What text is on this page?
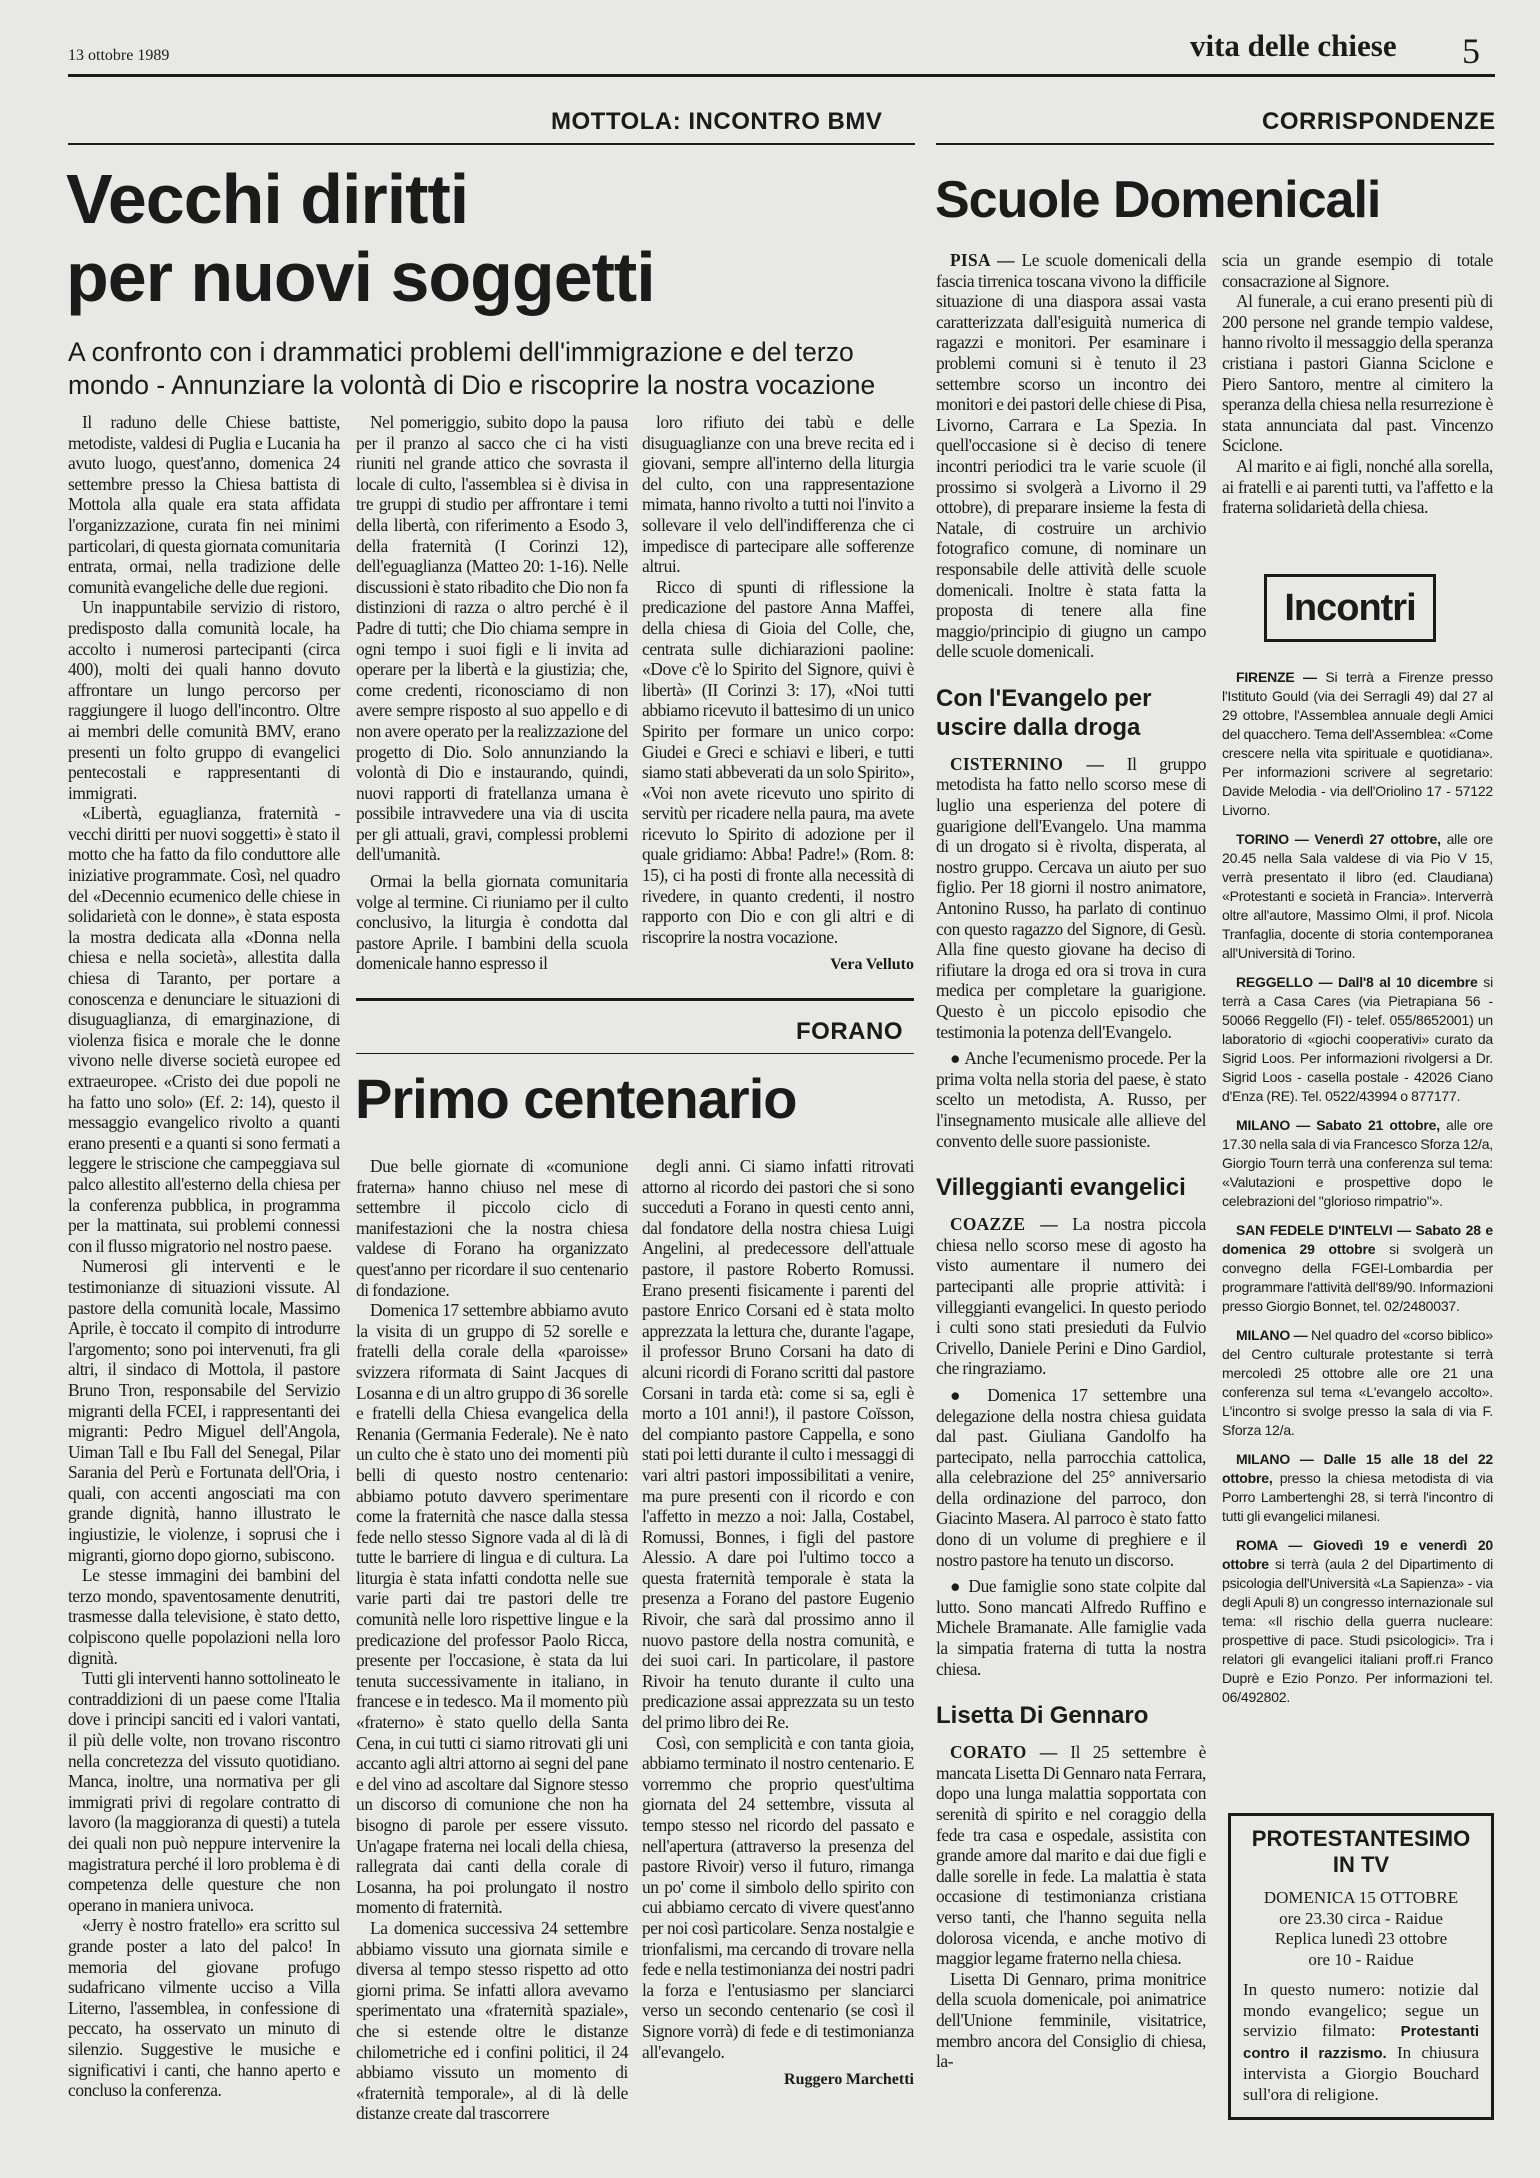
13 ottobre 1989	vita delle chiese 5
MOTTOLA: INCONTRO BMV	CORRISPONDENZE
Vecchi diritti
per nuovi soggetti
A confronto con i drammatici problemi dell'immigrazione e del terzo mondo - Annunziare la volontà di Dio e riscoprire la nostra vocazione

Il raduno delle Chiese battiste, metodiste, valdesi di Puglia e Lucania ha avuto luogo, quest'anno, domenica 24 settembre presso la Chiesa battista di Mottola alla quale era stata affidata l'organizzazione, curata fin nei minimi particolari, di questa giornata comunitaria entrata, ormai, nella tradizione delle comunità evangeliche delle due regioni.

Un inappuntabile servizio di ristoro, predisposto dalla comunità locale, ha accolto i numerosi partecipanti (circa 400), molti dei quali hanno dovuto affrontare un lungo percorso per raggiungere il luogo dell'incontro. Oltre ai membri delle comunità BMV, erano presenti un folto gruppo di evangelici pentecostali e rappresentanti di immigrati.

«Libertà, eguaglianza, fraternità - vecchi diritti per nuovi soggetti» è stato il motto che ha fatto da filo conduttore alle iniziative programmate. Così, nel quadro del «Decennio ecumenico delle chiese in solidarietà con le donne», è stata esposta la mostra dedicata alla «Donna nella chiesa e nella società», allestita dalla chiesa di Taranto, per portare a conoscenza e denunciare le situazioni di disuguaglianza, di emarginazione, di violenza fisica e morale che le donne vivono nelle diverse società europee ed extraeuropee. «Cristo dei due popoli ne ha fatto uno solo» (Ef. 2: 14), questo il messaggio evangelico rivolto a quanti erano presenti e a quanti si sono fermati a leggere le striscione che campeggiava sul palco allestito all'esterno della chiesa per la conferenza pubblica, in programma per la mattinata, sui problemi connessi con il flusso migratorio nel nostro paese.

Numerosi gli interventi e le testimonianze di situazioni vissute. Al pastore della comunità locale, Massimo Aprile, è toccato il compito di introdurre l'argomento; sono poi intervenuti, fra gli altri, il sindaco di Mottola, il pastore Bruno Tron, responsabile del Servizio migranti della FCEI, i rappresentanti dei migranti: Pedro Miguel dell'Angola, Uiman Tall e Ibu Fall del Senegal, Pilar Sarania del Perù e Fortunata dell'Oria, i quali, con accenti angosciati ma con grande dignità, hanno illustrato le ingiustizie, le violenze, i soprusi che i migranti, giorno dopo giorno, subiscono.

Le stesse immagini dei bambini del terzo mondo, spaventosamente denutriti, trasmesse dalla televisione, è stato detto, colpiscono quelle popolazioni nella loro dignità.

Tutti gli interventi hanno sottolineato le contraddizioni di un paese come l'Italia dove i principi sanciti ed i valori vantati, il più delle volte, non trovano riscontro nella concretezza del vissuto quotidiano. Manca, inoltre, una normativa per gli immigrati privi di regolare contratto di lavoro (la maggioranza di questi) a tutela dei quali non può neppure intervenire la magistratura perché il loro problema è di competenza delle questure che non operano in maniera univoca.

«Jerry è nostro fratello» era scritto sul grande poster a lato del palco! In memoria del giovane profugo sudafricano vilmente ucciso a Villa Literno, l'assemblea, in confessione di peccato, ha osservato un minuto di silenzio. Suggestive le musiche e significativi i canti, che hanno aperto e concluso la conferenza.

Nel pomeriggio, subito dopo la pausa per il pranzo al sacco che ci ha visti riuniti nel grande attico che sovrasta il locale di culto, l'assemblea si è divisa in tre gruppi di studio per affrontare i temi della libertà, con riferimento a Esodo 3, della fraternità (I Corinzi 12), dell'eguaglianza (Matteo 20: 1-16). Nelle discussioni è stato ribadito che Dio non fa distinzioni di razza o altro perché è il Padre di tutti; che Dio chiama sempre in ogni tempo i suoi figli e li invita ad operare per la libertà e la giustizia; che, come credenti, riconosciamo di non avere sempre risposto al suo appello e di non avere operato per la realizzazione del progetto di Dio. Solo annunziando la volontà di Dio e instaurando, quindi, nuovi rapporti di fratellanza umana è possibile intravvedere una via di uscita per gli attuali, gravi, complessi problemi dell'umanità.

Ormai la bella giornata comunitaria volge al termine. Ci riuniamo per il culto conclusivo, la liturgia è condotta dal pastore Aprile. I bambini della scuola domenicale hanno espresso il

loro rifiuto dei tabù e delle disuguaglianze con una breve recita ed i giovani, sempre all'interno della liturgia del culto, con una rappresentazione mimata, hanno rivolto a tutti noi l'invito a sollevare il velo dell'indifferenza che ci impedisce di partecipare alle sofferenze altrui.

Ricco di spunti di riflessione la predicazione del pastore Anna Maffei, della chiesa di Gioia del Colle, che, centrata sulle dichiarazioni paoline: «Dove c'è lo Spirito del Signore, quivi è libertà» (II Corinzi 3: 17), «Noi tutti abbiamo ricevuto il battesimo di un unico Spirito per formare un unico corpo: Giudei e Greci e schiavi e liberi, e tutti siamo stati abbeverati da un solo Spirito», «Voi non avete ricevuto uno spirito di servitù per ricadere nella paura, ma avete ricevuto lo Spirito di adozione per il quale gridiamo: Abba! Padre!» (Rom. 8: 15), ci ha posti di fronte alla necessità di rivedere, in quanto credenti, il nostro rapporto con Dio e con gli altri e di riscoprire la nostra vocazione.

Vera Velluto
FORANO
Primo centenario

Due belle giornate di «comunione fraterna» hanno chiuso nel mese di settembre il piccolo ciclo di manifestazioni che la nostra chiesa valdese di Forano ha organizzato quest'anno per ricordare il suo centenario di fondazione.

Domenica 17 settembre abbiamo avuto la visita di un gruppo di 52 sorelle e fratelli della corale della «paroisse» svizzera riformata di Saint Jacques di Losanna e di un altro gruppo di 36 sorelle e fratelli della Chiesa evangelica della Renania (Germania Federale). Ne è nato un culto che è stato uno dei momenti più belli di questo nostro centenario: abbiamo potuto davvero sperimentare come la fraternità che nasce dalla stessa fede nello stesso Signore vada al di là di tutte le barriere di lingua e di cultura. La liturgia è stata infatti condotta nelle sue varie parti dai tre pastori delle tre comunità nelle loro rispettive lingue e la predicazione del professor Paolo Ricca, presente per l'occasione, è stata da lui tenuta successivamente in italiano, in francese e in tedesco. Ma il momento più «fraterno» è stato quello della Santa Cena, in cui tutti ci siamo ritrovati gli uni accanto agli altri attorno ai segni del pane e del vino ad ascoltare dal Signore stesso un discorso di comunione che non ha bisogno di parole per essere vissuto. Un'agape fraterna nei locali della chiesa, rallegrata dai canti della corale di Losanna, ha poi prolungato il nostro momento di fraternità.

La domenica successiva 24 settembre abbiamo vissuto una giornata simile e diversa al tempo stesso rispetto ad otto giorni prima. Se infatti allora avevamo sperimentato una «fraternità spaziale», che si estende oltre le distanze chilometriche ed i confini politici, il 24 abbiamo vissuto un momento di «fraternità temporale», al di là delle distanze create dal trascorrere

degli anni. Ci siamo infatti ritrovati attorno al ricordo dei pastori che si sono succeduti a Forano in questi cento anni, dal fondatore della nostra chiesa Luigi Angelini, al predecessore dell'attuale pastore, il pastore Roberto Romussi. Erano presenti fisicamente i parenti del pastore Enrico Corsani ed è stata molto apprezzata la lettura che, durante l'agape, il professor Bruno Corsani ha dato di alcuni ricordi di Forano scritti dal pastore Corsani in tarda età: come si sa, egli è morto a 101 anni!), il pastore Coïsson, del compianto pastore Cappella, e sono stati poi letti durante il culto i messaggi di vari altri pastori impossibilitati a venire, ma pure presenti con il ricordo e con l'affetto in mezzo a noi: Jalla, Costabel, Romussi, Bonnes, i figli del pastore Alessio. A dare poi l'ultimo tocco a questa fraternità temporale è stata la presenza a Forano del pastore Eugenio Rivoir, che sarà dal prossimo anno il nuovo pastore della nostra comunità, e dei suoi cari. In particolare, il pastore Rivoir ha tenuto durante il culto una predicazione assai apprezzata su un testo del primo libro dei Re.

Così, con semplicità e con tanta gioia, abbiamo terminato il nostro centenario. E vorremmo che proprio quest'ultima giornata del 24 settembre, vissuta al tempo stesso nel ricordo del passato e nell'apertura (attraverso la presenza del pastore Rivoir) verso il futuro, rimanga un po' come il simbolo dello spirito con cui abbiamo cercato di vivere quest'anno per noi così particolare. Senza nostalgie e trionfalismi, ma cercando di trovare nella fede e nella testimonianza dei nostri padri la forza e l'entusiasmo per slanciarci verso un secondo centenario (se così il Signore vorrà) di fede e di testimonianza all'evangelo.

Ruggero Marchetti
Scuole Domenicali

PISA — Le scuole domenicali della fascia tirrenica toscana vivono la difficile situazione di una diaspora assai vasta caratterizzata dall'esiguità numerica di ragazzi e monitori. Per esaminare i problemi comuni si è tenuto il 23 settembre scorso un incontro dei monitori e dei pastori delle chiese di Pisa, Livorno, Carrara e La Spezia. In quell'occasione si è deciso di tenere incontri periodici tra le varie scuole (il prossimo si svolgerà a Livorno il 29 ottobre), di preparare insieme la festa di Natale, di costruire un archivio fotografico comune, di nominare un responsabile delle attività delle scuole domenicali. Inoltre è stata fatta la proposta di tenere alla fine maggio/principio di giugno un campo delle scuole domenicali.

Con l'Evangelo per uscire dalla droga

CISTERNINO — Il gruppo metodista ha fatto nello scorso mese di luglio una esperienza del potere di guarigione dell'Evangelo. Una mamma di un drogato si è rivolta, disperata, al nostro gruppo. Cercava un aiuto per suo figlio. Per 18 giorni il nostro animatore, Antonino Russo, ha parlato di continuo con questo ragazzo del Signore, di Gesù. Alla fine questo giovane ha deciso di rifiutare la droga ed ora si trova in cura medica per completare la guarigione. Questo è un piccolo episodio che testimonia la potenza dell'Evangelo.

● Anche l'ecumenismo procede. Per la prima volta nella storia del paese, è stato scelto un metodista, A. Russo, per l'insegnamento musicale alle allieve del convento delle suore passioniste.

Villeggianti evangelici

COAZZE — La nostra piccola chiesa nello scorso mese di agosto ha visto aumentare il numero dei partecipanti alle proprie attività: i villeggianti evangelici. In questo periodo i culti sono stati presieduti da Fulvio Crivello, Daniele Perini e Dino Gardiol, che ringraziamo.

● Domenica 17 settembre una delegazione della nostra chiesa guidata dal past. Giuliana Gandolfo ha partecipato, nella parrocchia cattolica, alla celebrazione del 25° anniversario della ordinazione del parroco, don Giacinto Masera. Al parroco è stato fatto dono di un volume di preghiere e il nostro pastore ha tenuto un discorso.

● Due famiglie sono state colpite dal lutto. Sono mancati Alfredo Ruffino e Michele Bramanate. Alle famiglie vada la simpatia fraterna di tutta la nostra chiesa.

Lisetta Di Gennaro

CORATO — Il 25 settembre è mancata Lisetta Di Gennaro nata Ferrara, dopo una lunga malattia sopportata con serenità di spirito e nel coraggio della fede tra casa e ospedale, assistita con grande amore dal marito e dai due figli e dalle sorelle in fede. La malattia è stata occasione di testimonianza cristiana verso tanti, che l'hanno seguita nella dolorosa vicenda, e anche motivo di maggior legame fraterno nella chiesa.

Lisetta Di Gennaro, prima monitrice della scuola domenicale, poi animatrice dell'Unione femminile, visitatrice, membro ancora del Consiglio di chiesa, la-

scia un grande esempio di totale consacrazione al Signore.

Al funerale, a cui erano presenti più di 200 persone nel grande tempio valdese, hanno rivolto il messaggio della speranza cristiana i pastori Gianna Sciclone e Piero Santoro, mentre al cimitero la speranza della chiesa nella resurrezione è stata annunciata dal past. Vincenzo Sciclone.

Al marito e ai figli, nonché alla sorella, ai fratelli e ai parenti tutti, va l'affetto e la fraterna solidarietà della chiesa.

Incontri

FIRENZE — Si terrà a Firenze presso l'Istituto Gould (via dei Serragli 49) dal 27 al 29 ottobre, l'Assemblea annuale degli Amici del quacchero. Tema dell'Assemblea: «Come crescere nella vita spirituale e quotidiana». Per informazioni scrivere al segretario: Davide Melodia - via dell'Oriolino 17 - 57122 Livorno.

TORINO — Venerdì 27 ottobre, alle ore 20.45 nella Sala valdese di via Pio V 15, verrà presentato il libro (ed. Claudiana) «Protestanti e società in Francia». Interverrà oltre all'autore, Massimo Olmi, il prof. Nicola Tranfaglia, docente di storia contemporanea all'Università di Torino.

REGGELLO — Dall'8 al 10 dicembre si terrà a Casa Cares (via Pietrapiana 56 - 50066 Reggello (FI) - telef. 055/8652001) un laboratorio di «giochi cooperativi» curato da Sigrid Loos. Per informazioni rivolgersi a Dr. Sigrid Loos - casella postale - 42026 Ciano d'Enza (RE). Tel. 0522/43994 o 877177.

MILANO — Sabato 21 ottobre, alle ore 17.30 nella sala di via Francesco Sforza 12/a, Giorgio Tourn terrà una conferenza sul tema: «Valutazioni e prospettive dopo le celebrazioni del "glorioso rimpatrio"».

SAN FEDELE D'INTELVI — Sabato 28 e domenica 29 ottobre si svolgerà un convegno della FGEI-Lombardia per programmare l'attività dell'89/90. Informazioni presso Giorgio Bonnet, tel. 02/2480037.

MILANO — Nel quadro del «corso biblico» del Centro culturale protestante si terrà mercoledì 25 ottobre alle ore 21 una conferenza sul tema «L'evangelo accolto». L'incontro si svolge presso la sala di via F. Sforza 12/a.

MILANO — Dalle 15 alle 18 del 22 ottobre, presso la chiesa metodista di via Porro Lambertenghi 28, si terrà l'incontro di tutti gli evangelici milanesi.

ROMA — Giovedì 19 e venerdì 20 ottobre si terrà (aula 2 del Dipartimento di psicologia dell'Università «La Sapienza» - via degli Apuli 8) un congresso internazionale sul tema: «Il rischio della guerra nucleare: prospettive di pace. Studi psicologici». Tra i relatori gli evangelici italiani proff.ri Franco Duprè e Ezio Ponzo. Per informazioni tel. 06/492802.

PROTESTANTESIMO IN TV
DOMENICA 15 OTTOBRE
ore 23.30 circa - Raidue
Replica lunedì 23 ottobre
ore 10 - Raidue
In questo numero: notizie dal mondo evangelico; segue un servizio filmato: Protestanti contro il razzismo. In chiusura intervista a Giorgio Bouchard sull'ora di religione.
